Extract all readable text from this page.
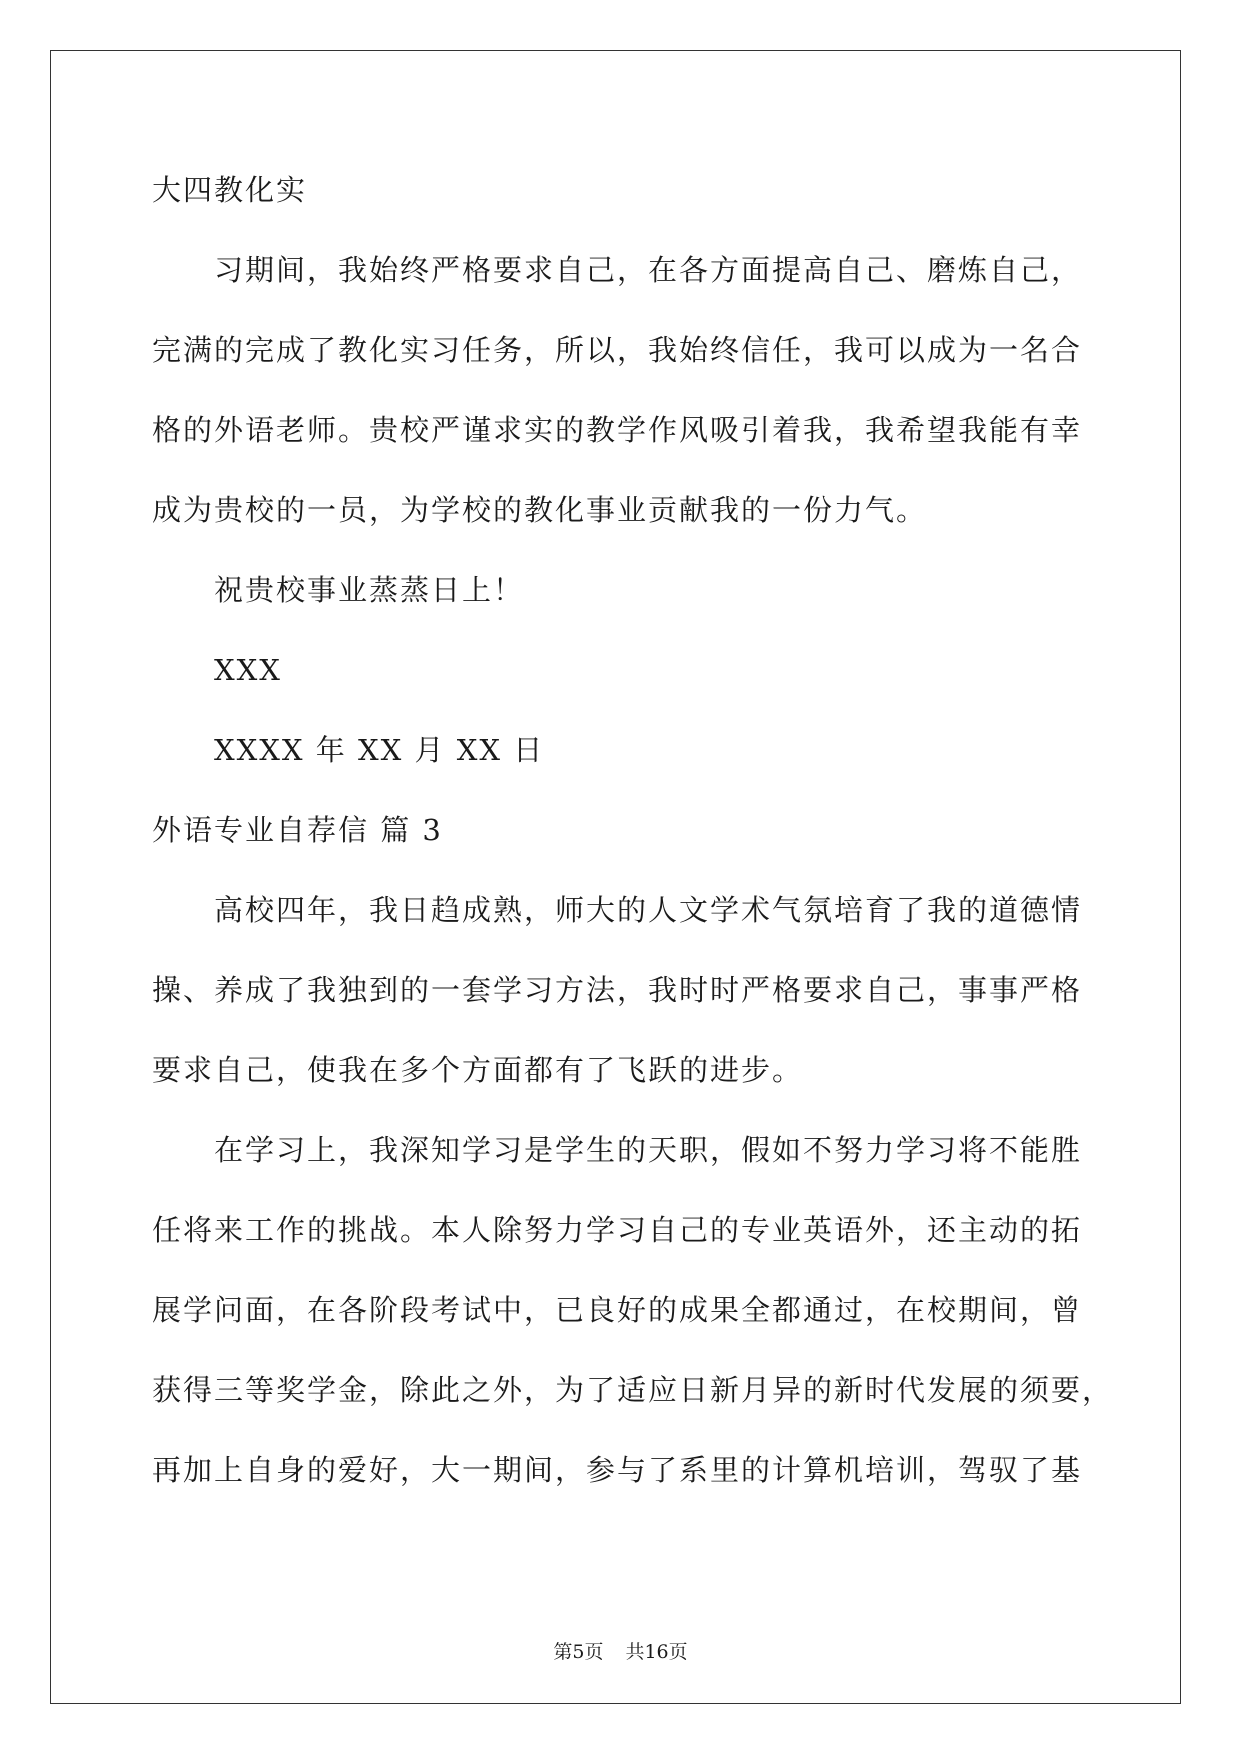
大四教化实
习期间，我始终严格要求自己，在各方面提高自己、磨炼自己，
完满的完成了教化实习任务，所以，我始终信任，我可以成为一名合
格的外语老师。贵校严谨求实的教学作风吸引着我，我希望我能有幸
成为贵校的一员，为学校的教化事业贡献我的一份力气。
祝贵校事业蒸蒸日上！
XXX
XXXX 年 XX 月 XX 日
外语专业自荐信 篇 3
高校四年，我日趋成熟，师大的人文学术气氛培育了我的道德情
操、养成了我独到的一套学习方法，我时时严格要求自己，事事严格
要求自己，使我在多个方面都有了飞跃的进步。
在学习上，我深知学习是学生的天职，假如不努力学习将不能胜
任将来工作的挑战。本人除努力学习自己的专业英语外，还主动的拓
展学问面，在各阶段考试中，已良好的成果全都通过，在校期间，曾
获得三等奖学金，除此之外，为了适应日新月异的新时代发展的须要，
再加上自身的爱好，大一期间，参与了系里的计算机培训，驾驭了基
第5页 共16页
